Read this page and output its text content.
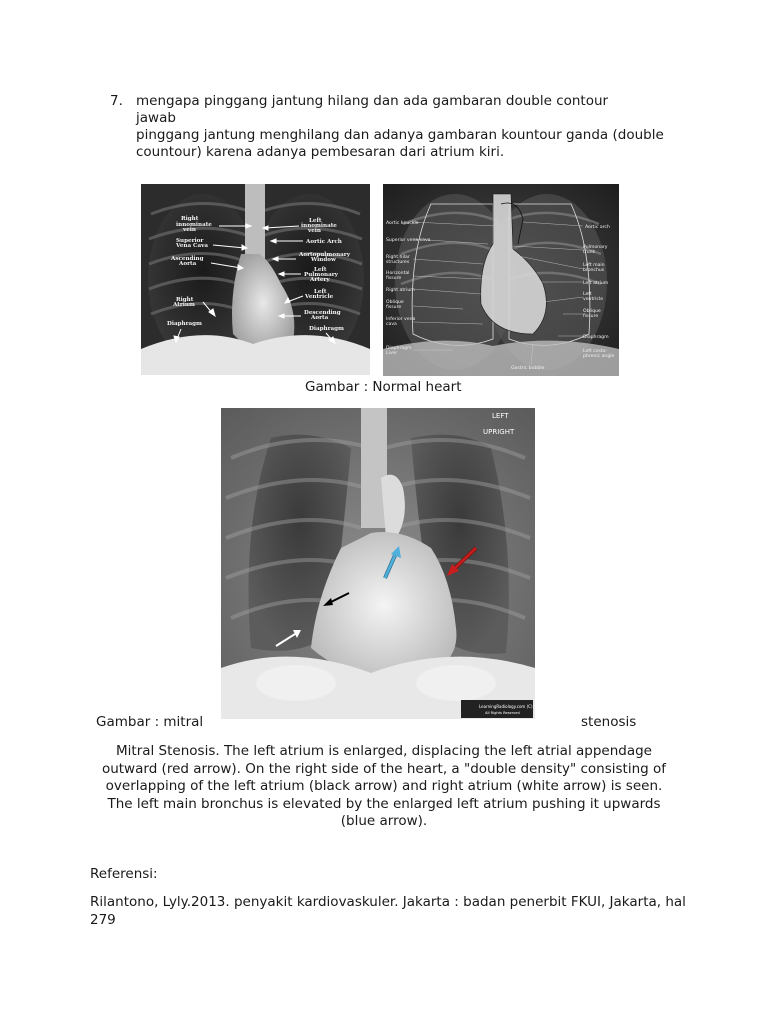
7. mengapa pinggang jantung hilang dan ada gambaran double contour
jawab
pinggang jantung menghilang dan adanya gambaran kountour ganda (double
countour) karena adanya pembesaran dari atrium kiri.
Right
innominate
vein
Superior
Vena Cava
Ascending
Aorta
Right
Atrium
Diaphragm
Left
innominate
vein
Aortic Arch
Aortopulmonary
Window
Left
Pulmonary
Artery
Left
Ventricle
Descending
Aorta
Diaphragm
Aortic knuckle
Superior vena cava
Right hilar
structures
Horizontal
fissure
Right atrium
Oblique
fissure
Inferior vena
cava
Diaphragm
Liver
Aortic arch
Pulmonary
trunk
Left main
bronchus
Left atrium
Left
ventricle
Oblique
fissure
Diaphragm
Left costo-
phrenic angle
Gastric bubble
Gambar : Normal heart
LEFT
UPRIGHT
LearningRadiology.com (C)
All Rights Reserved
Gambar : mitral	stenosis
Mitral Stenosis. The left atrium is enlarged, displacing the left atrial appendage outward (red arrow). On the right side of the heart, a "double density" consisting of overlapping of the left atrium (black arrow) and right atrium (white arrow) is seen. The left main bronchus is elevated by the enlarged left atrium pushing it upwards (blue arrow).
Referensi:
Rilantono, Lyly.2013. penyakit kardiovaskuler. Jakarta : badan penerbit FKUI, Jakarta, hal 279
